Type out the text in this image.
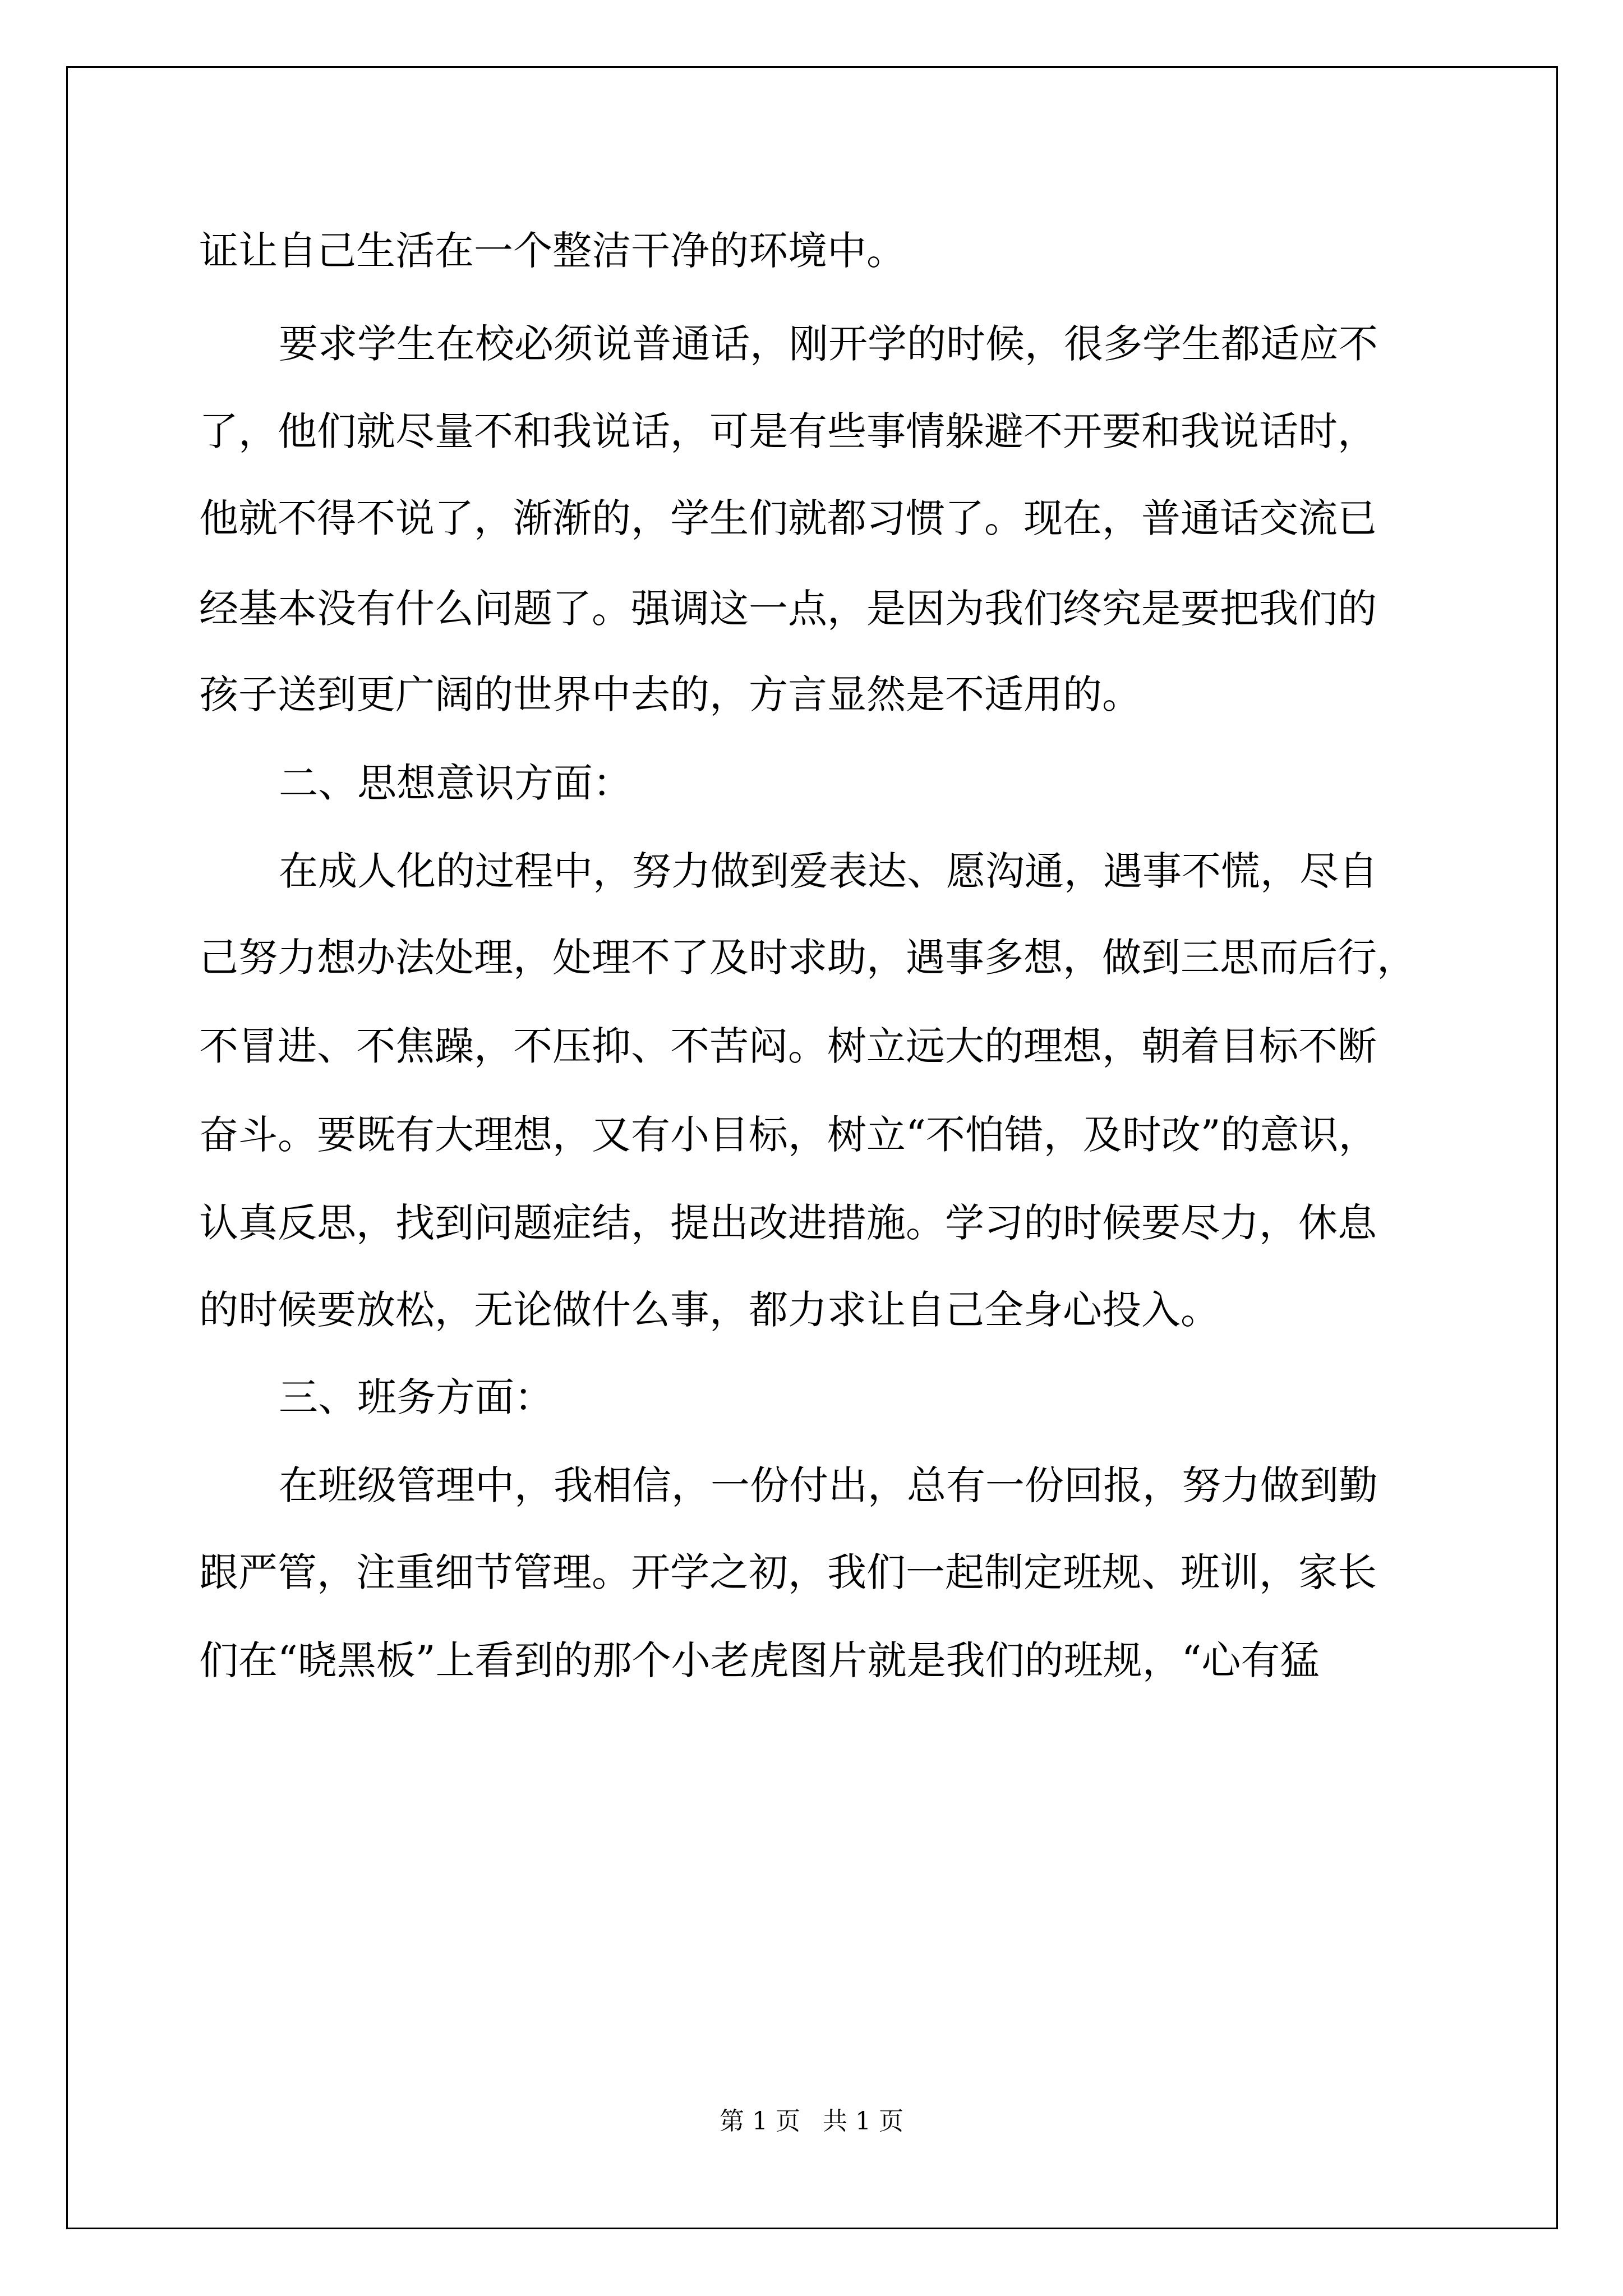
证让自己生活在一个整洁干净的环境中。

要求学生在校必须说普通话，刚开学的时候，很多学生都适应不

了，他们就尽量不和我说话，可是有些事情躲避不开要和我说话时，

他就不得不说了，渐渐的，学生们就都习惯了。现在，普通话交流已

经基本没有什么问题了。强调这一点，是因为我们终究是要把我们的

孩子送到更广阔的世界中去的，方言显然是不适用的。

二、思想意识方面：

在成人化的过程中，努力做到爱表达、愿沟通，遇事不慌，尽自

己努力想办法处理，处理不了及时求助，遇事多想，做到三思而后行，

不冒进、不焦躁，不压抑、不苦闷。树立远大的理想，朝着目标不断

奋斗。要既有大理想，又有小目标，树立“不怕错，及时改”的意识，

认真反思，找到问题症结，提出改进措施。学习的时候要尽力，休息

的时候要放松，无论做什么事，都力求让自己全身心投入。

三、班务方面：

在班级管理中，我相信，一份付出，总有一份回报，努力做到勤

跟严管，注重细节管理。开学之初，我们一起制定班规、班训，家长

们在“晓黑板”上看到的那个小老虎图片就是我们的班规，“心有猛

第 1 页 共 1 页
